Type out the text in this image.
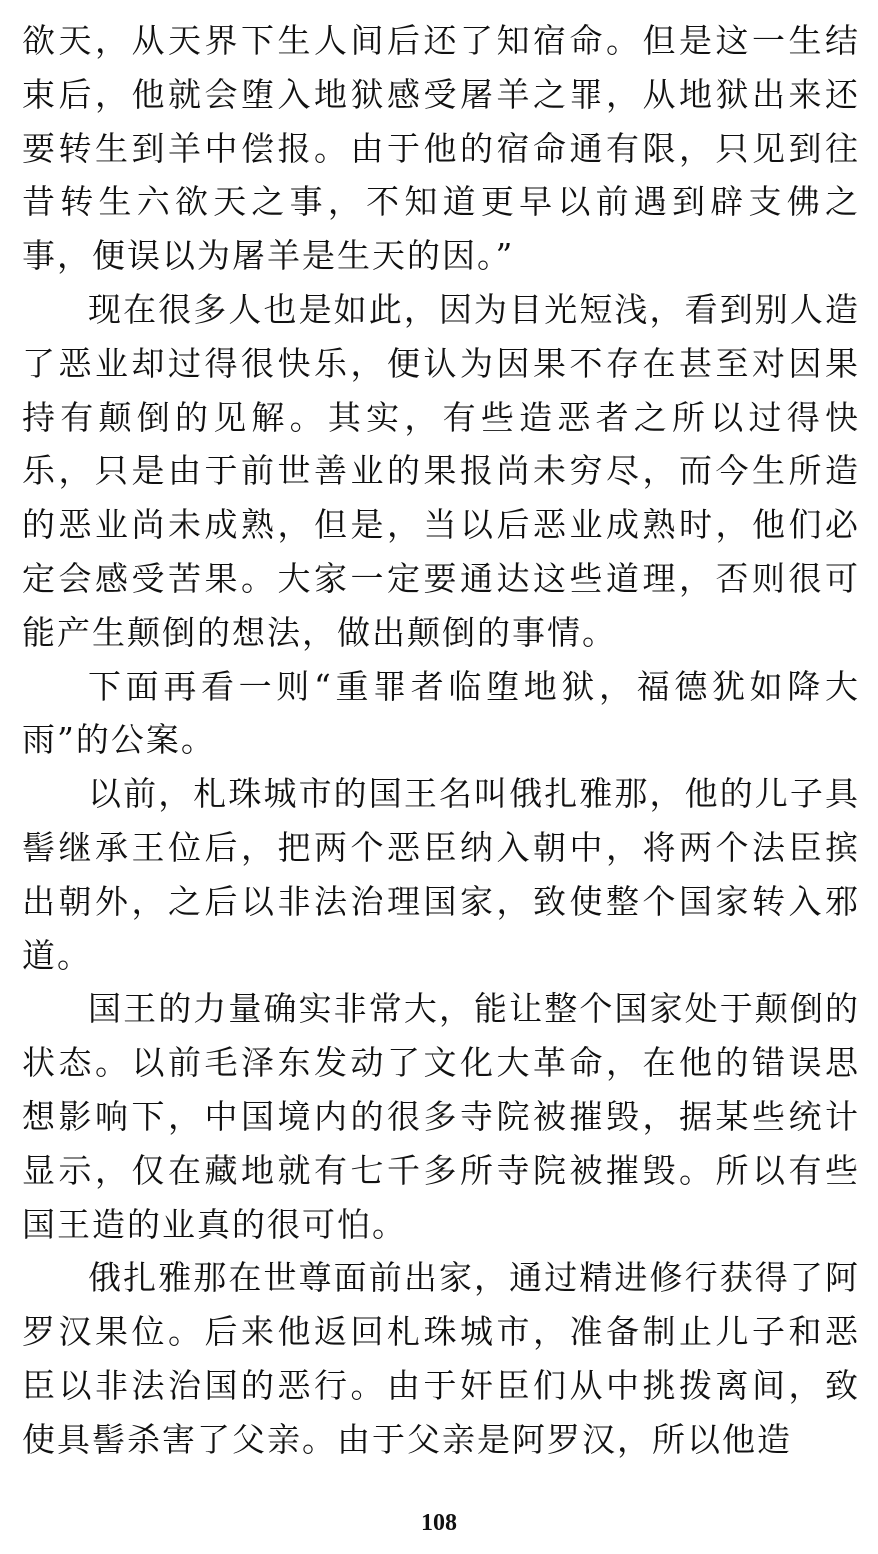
欲天，从天界下生人间后还了知宿命。但是这一生结束后，他就会堕入地狱感受屠羊之罪，从地狱出来还要转生到羊中偿报。由于他的宿命通有限，只见到往昔转生六欲天之事，不知道更早以前遇到辟支佛之事，便误以为屠羊是生天的因。”

现在很多人也是如此，因为目光短浅，看到别人造了恶业却过得很快乐，便认为因果不存在甚至对因果持有颠倒的见解。其实，有些造恶者之所以过得快乐，只是由于前世善业的果报尚未穷尽，而今生所造的恶业尚未成熟，但是，当以后恶业成熟时，他们必定会感受苦果。大家一定要通达这些道理，否则很可能产生颠倒的想法，做出颠倒的事情。

下面再看一则“重罪者临堕地狱，福德犹如降大雨”的公案。

以前，札珠城市的国王名叫俄扎雅那，他的儿子具髻继承王位后，把两个恶臣纳入朝中，将两个法臣摈出朝外，之后以非法治理国家，致使整个国家转入邪道。

国王的力量确实非常大，能让整个国家处于颠倒的状态。以前毛泽东发动了文化大革命，在他的错误思想影响下，中国境内的很多寺院被摧毁，据某些统计显示，仅在藏地就有七千多所寺院被摧毁。所以有些国王造的业真的很可怕。

俄扎雅那在世尊面前出家，通过精进修行获得了阿罗汉果位。后来他返回札珠城市，准备制止儿子和恶臣以非法治国的恶行。由于奸臣们从中挑拨离间，致使具髻杀害了父亲。由于父亲是阿罗汉，所以他造

108
